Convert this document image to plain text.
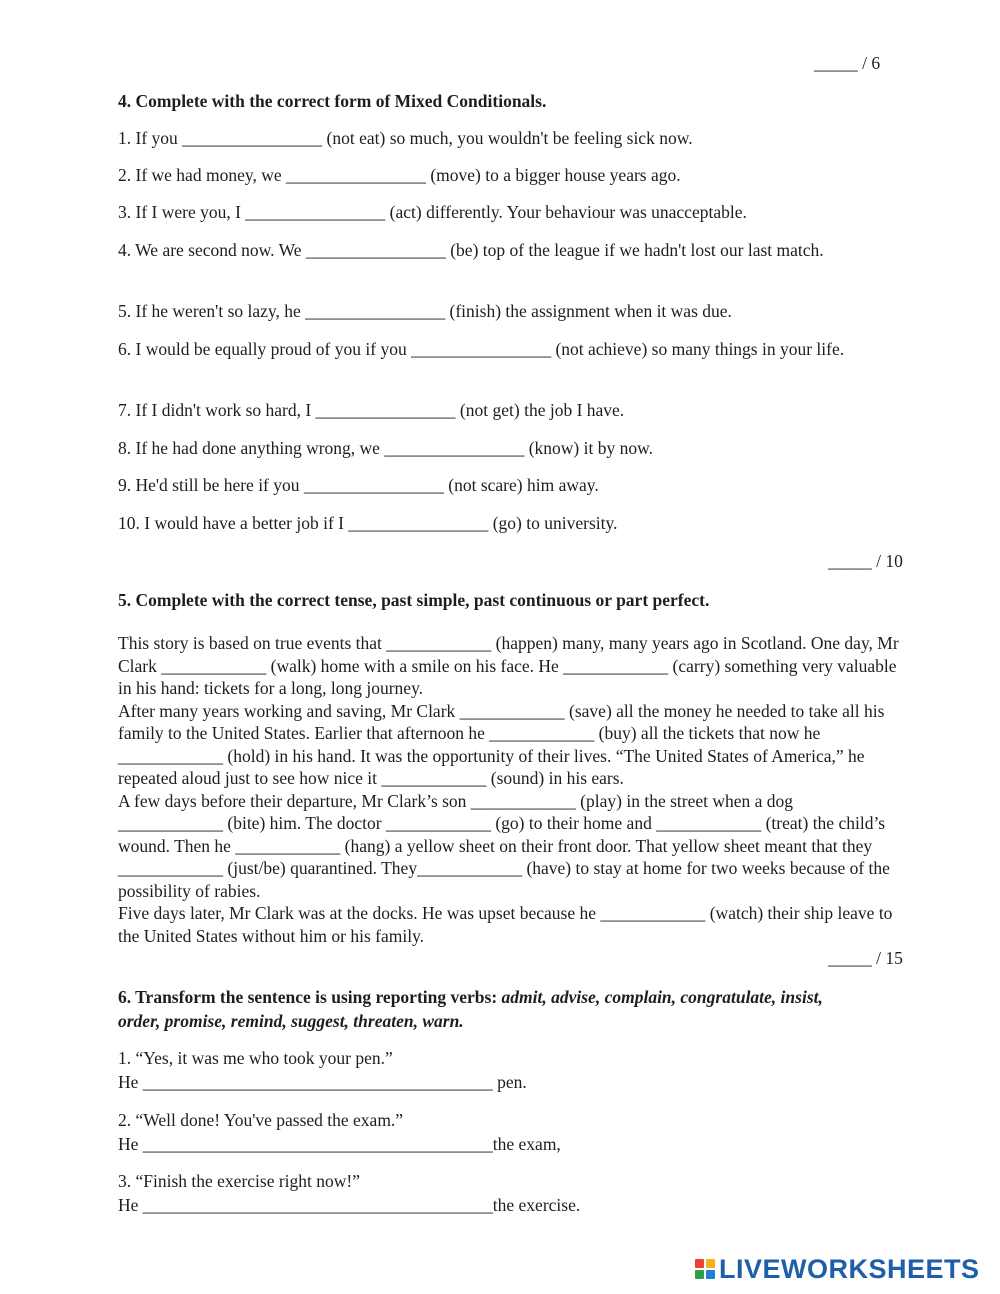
_____ / 6
4. Complete with the correct form of Mixed Conditionals.
1. If you ________________ (not eat) so much, you wouldn't be feeling sick now.
2. If we had money, we ________________ (move) to a bigger house years ago.
3. If I were you, I ________________ (act) differently. Your behaviour was unacceptable.
4. We are second now. We ________________ (be) top of the league if we hadn't lost our last match.
5. If he weren't so lazy, he ________________ (finish) the assignment when it was due.
6. I would be equally proud of you if you ________________ (not achieve) so many things in your life.
7. If I didn't work so hard, I ________________ (not get) the job I have.
8. If he had done anything wrong, we ________________ (know) it by now.
9. He'd still be here if you ________________ (not scare) him away.
10. I would have a better job if I ________________ (go) to university.
5. Complete with the correct tense, past simple, past continuous or part perfect.

This story is based on true events that ____________ (happen) many, many years ago in Scotland. One day, Mr Clark ____________ (walk) home with a smile on his face. He ____________ (carry) something very valuable in his hand: tickets for a long, long journey.

After many years working and saving, Mr Clark ____________ (save) all the money he needed to take all his family to the United States. Earlier that afternoon he ____________ (buy) all the tickets that now he ____________ (hold) in his hand. It was the opportunity of their lives. “The United States of America,” he repeated aloud just to see how nice it ____________ (sound) in his ears.

A few days before their departure, Mr Clark’s son ____________ (play) in the street when a dog ____________ (bite) him. The doctor ____________ (go) to their home and ____________ (treat) the child’s wound. Then he ____________ (hang) a yellow sheet on their front door. That yellow sheet meant that they ____________ (just/be) quarantined. They____________ (have) to stay at home for two weeks because of the possibility of rabies.

Five days later, Mr Clark was at the docks. He was upset because he ____________ (watch) their ship leave to the United States without him or his family.

6. Transform the sentence is using reporting verbs: admit, advise, complain, congratulate, insist,
order, promise, remind, suggest, threaten, warn.
1. “Yes, it was me who took your pen.”
He ________________________________________ pen.
2. “Well done! You've passed the exam.”
He ________________________________________the exam,
3. “Finish the exercise right now!”
He ________________________________________the exercise.
_____ / 10
_____ / 15
LIVEWORKSHEETS
